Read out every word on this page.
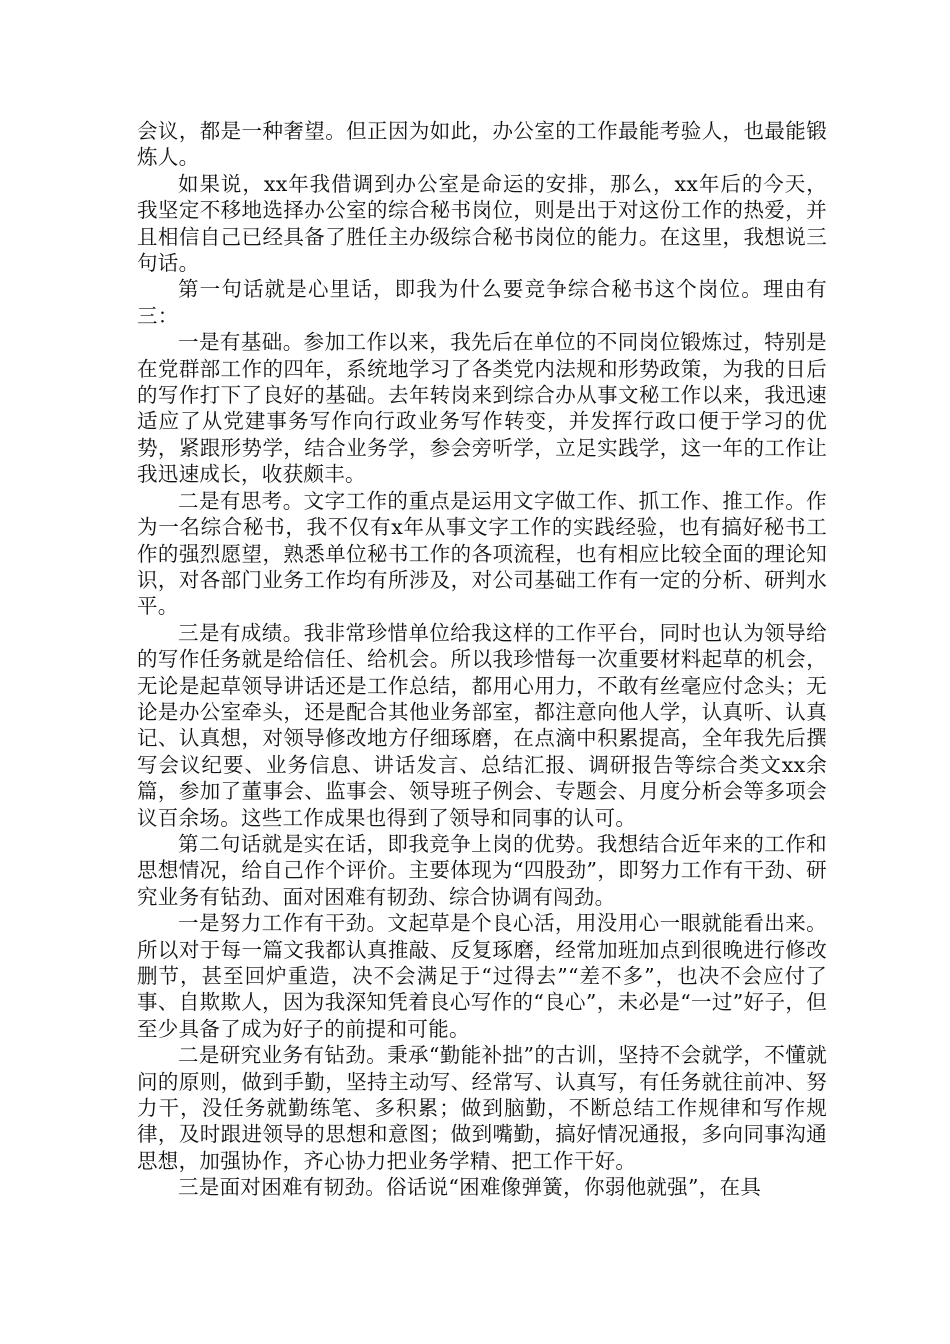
会议，都是一种奢望。但正因为如此，办公室的工作最能考验人，也最能锻炼人。

如果说，xx年我借调到办公室是命运的安排，那么，xx年后的今天，我坚定不移地选择办公室的综合秘书岗位，则是出于对这份工作的热爱，并且相信自己已经具备了胜任主办级综合秘书岗位的能力。在这里，我想说三句话。

第一句话就是心里话，即我为什么要竞争综合秘书这个岗位。理由有三：

一是有基础。参加工作以来，我先后在单位的不同岗位锻炼过，特别是在党群部工作的四年，系统地学习了各类党内法规和形势政策，为我的日后的写作打下了良好的基础。去年转岗来到综合办从事文秘工作以来，我迅速适应了从党建事务写作向行政业务写作转变，并发挥行政口便于学习的优势，紧跟形势学，结合业务学，参会旁听学，立足实践学，这一年的工作让我迅速成长，收获颇丰。

二是有思考。文字工作的重点是运用文字做工作、抓工作、推工作。作为一名综合秘书，我不仅有x年从事文字工作的实践经验，也有搞好秘书工作的强烈愿望，熟悉单位秘书工作的各项流程，也有相应比较全面的理论知识，对各部门业务工作均有所涉及，对公司基础工作有一定的分析、研判水平。

三是有成绩。我非常珍惜单位给我这样的工作平台，同时也认为领导给的写作任务就是给信任、给机会。所以我珍惜每一次重要材料起草的机会，无论是起草领导讲话还是工作总结，都用心用力，不敢有丝毫应付念头；无论是办公室牵头，还是配合其他业务部室，都注意向他人学，认真听、认真记、认真想，对领导修改地方仔细琢磨，在点滴中积累提高，全年我先后撰写会议纪要、业务信息、讲话发言、总结汇报、调研报告等综合类文xx余篇，参加了董事会、监事会、领导班子例会、专题会、月度分析会等多项会议百余场。这些工作成果也得到了领导和同事的认可。

第二句话就是实在话，即我竞争上岗的优势。我想结合近年来的工作和思想情况，给自己作个评价。主要体现为“四股劲”，即努力工作有干劲、研究业务有钻劲、面对困难有韧劲、综合协调有闯劲。

一是努力工作有干劲。文起草是个良心活，用没用心一眼就能看出来。所以对于每一篇文我都认真推敲、反复琢磨，经常加班加点到很晚进行修改删节，甚至回炉重造，决不会满足于“过得去”“差不多”，也决不会应付了事、自欺欺人，因为我深知凭着良心写作的“良心”，未必是“一过”好子，但至少具备了成为好子的前提和可能。

二是研究业务有钻劲。秉承“勤能补拙”的古训，坚持不会就学，不懂就问的原则，做到手勤，坚持主动写、经常写、认真写，有任务就往前冲、努力干，没任务就勤练笔、多积累；做到脑勤，不断总结工作规律和写作规律，及时跟进领导的思想和意图；做到嘴勤，搞好情况通报，多向同事沟通思想，加强协作，齐心协力把业务学精、把工作干好。

三是面对困难有韧劲。俗话说“困难像弹簧，你弱他就强”，在具
